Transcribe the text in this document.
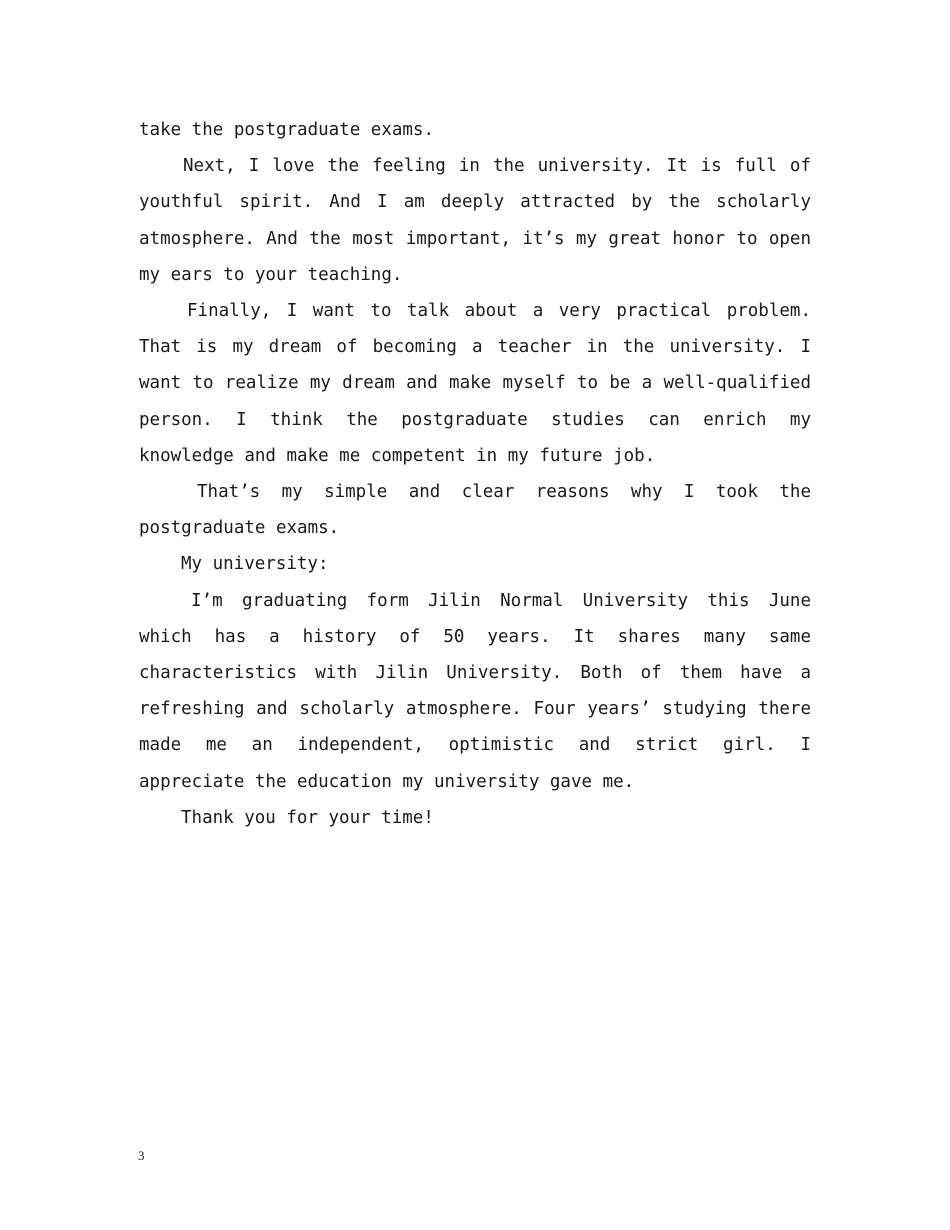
take the postgraduate exams.

Next, I love the feeling in the university. It is full of youthful spirit. And I am deeply attracted by the scholarly atmosphere. And the most important, it’s my great honor to open my ears to your teaching.

Finally, I want to talk about a very practical problem. That is my dream of becoming a teacher in the university. I want to realize my dream and make myself to be a well-qualified person. I think the postgraduate studies can enrich my knowledge and make me competent in my future job.

That’s my simple and clear reasons why I took the postgraduate exams.

My university:

I’m graduating form Jilin Normal University this June which has a history of 50 years. It shares many same characteristics with Jilin University. Both of them have a refreshing and scholarly atmosphere. Four years’ studying there made me an independent, optimistic and strict girl. I appreciate the education my university gave me.

Thank you for your time!

3
